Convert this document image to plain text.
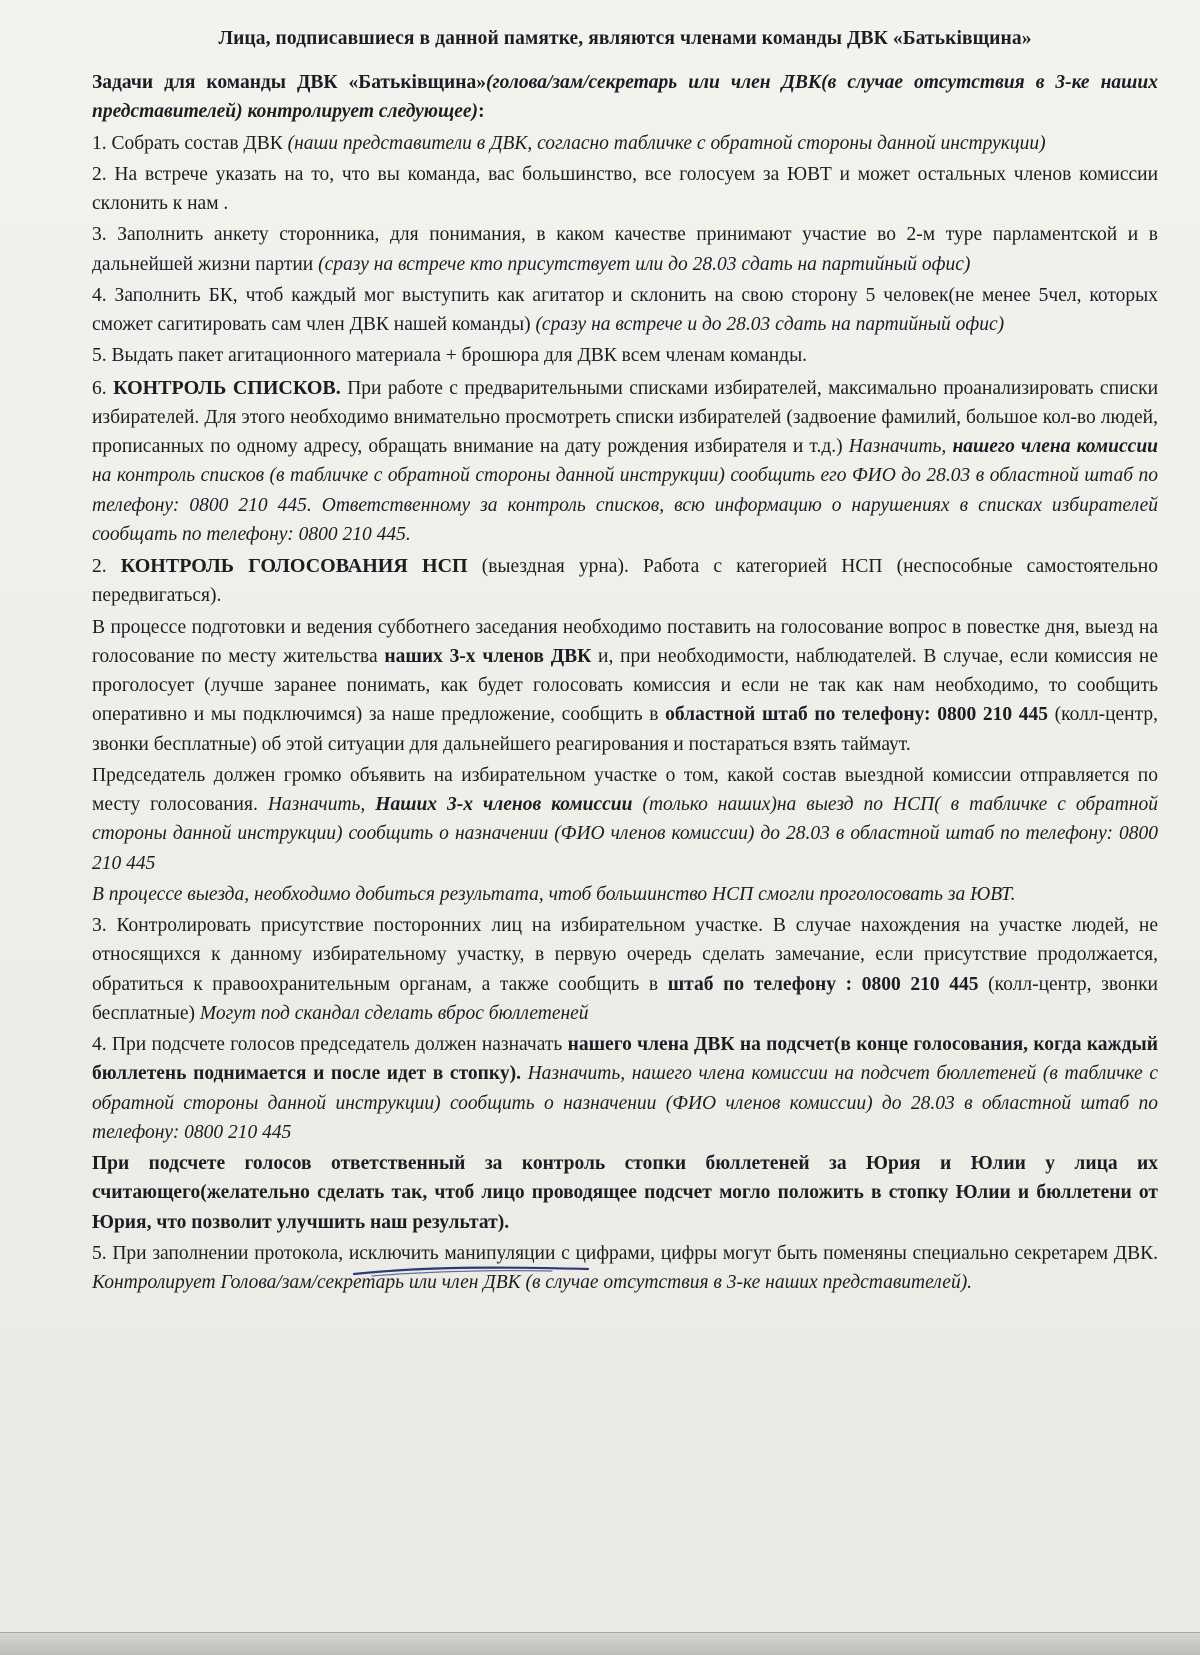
Лица, подписавшиеся в данной памятке, являются членами команды ДВК «Батьківщина»

Задачи для команды ДВК «Батьківщина»(голова/зам/секретарь или член ДВК(в случае отсутствия в 3-ке наших представителей) контролирует следующее):

1. Собрать состав ДВК (наши представители в ДВК, согласно табличке с обратной стороны данной инструкции)

2. На встрече указать на то, что вы команда, вас большинство, все голосуем за ЮВТ и может остальных членов комиссии склонить к нам .

3. Заполнить анкету сторонника, для понимания, в каком качестве принимают участие во 2-м туре парламентской и в дальнейшей жизни партии (сразу на встрече кто присутствует или до 28.03 сдать на партийный офис)

4. Заполнить БК, чтоб каждый мог выступить как агитатор и склонить на свою сторону 5 человек(не менее 5чел, которых сможет сагитировать сам член ДВК нашей команды) (сразу на встрече и до 28.03 сдать на партийный офис)

5. Выдать пакет агитационного материала + брошюра для ДВК всем членам команды.

6. КОНТРОЛЬ СПИСКОВ. При работе с предварительными списками избирателей, максимально проанализировать списки избирателей. Для этого необходимо внимательно просмотреть списки избирателей (задвоение фамилий, большое кол-во людей, прописанных по одному адресу, обращать внимание на дату рождения избирателя и т.д.) Назначить, нашего члена комиссии на контроль списков (в табличке с обратной стороны данной инструкции) сообщить его ФИО до 28.03 в областной штаб по телефону: 0800 210 445. Ответственному за контроль списков, всю информацию о нарушениях в списках избирателей сообщать по телефону: 0800 210 445.

2. КОНТРОЛЬ ГОЛОСОВАНИЯ НСП (выездная урна). Работа с категорией НСП (неспособные самостоятельно передвигаться).

В процессе подготовки и ведения субботнего заседания необходимо поставить на голосование вопрос в повестке дня, выезд на голосование по месту жительства наших 3-х членов ДВК и, при необходимости, наблюдателей. В случае, если комиссия не проголосует (лучше заранее понимать, как будет голосовать комиссия и если не так как нам необходимо, то сообщить оперативно и мы подключимся) за наше предложение, сообщить в областной штаб по телефону: 0800 210 445 (колл-центр, звонки бесплатные) об этой ситуации для дальнейшего реагирования и постараться взять таймаут.

Председатель должен громко объявить на избирательном участке о том, какой состав выездной комиссии отправляется по месту голосования. Назначить, Наших 3-х членов комиссии (только наших)на выезд по НСП( в табличке с обратной стороны данной инструкции) сообщить о назначении (ФИО членов комиссии) до 28.03 в областной штаб по телефону: 0800 210 445

В процессе выезда, необходимо добиться результата, чтоб большинство НСП смогли проголосовать за ЮВТ.

3. Контролировать присутствие посторонних лиц на избирательном участке. В случае нахождения на участке людей, не относящихся к данному избирательному участку, в первую очередь сделать замечание, если присутствие продолжается, обратиться к правоохранительным органам, а также сообщить в штаб по телефону : 0800 210 445 (колл-центр, звонки бесплатные) Могут под скандал сделать вброс бюллетеней

4. При подсчете голосов председатель должен назначать нашего члена ДВК на подсчет(в конце голосования, когда каждый бюллетень поднимается и после идет в стопку). Назначить, нашего члена комиссии на подсчет бюллетеней (в табличке с обратной стороны данной инструкции) сообщить о назначении (ФИО членов комиссии) до 28.03 в областной штаб по телефону: 0800 210 445

При подсчете голосов ответственный за контроль стопки бюллетеней за Юрия и Юлии у лица их считающего(желательно сделать так, чтоб лицо проводящее подсчет могло положить в стопку Юлии и бюллетени от Юрия, что позволит улучшить наш результат).

5. При заполнении протокола, исключить манипуляции с цифрами, цифры могут быть поменяны специально секретарем ДВК. Контролирует Голова/зам/секретарь или член ДВК (в случае отсутствия в 3-ке наших представителей).
